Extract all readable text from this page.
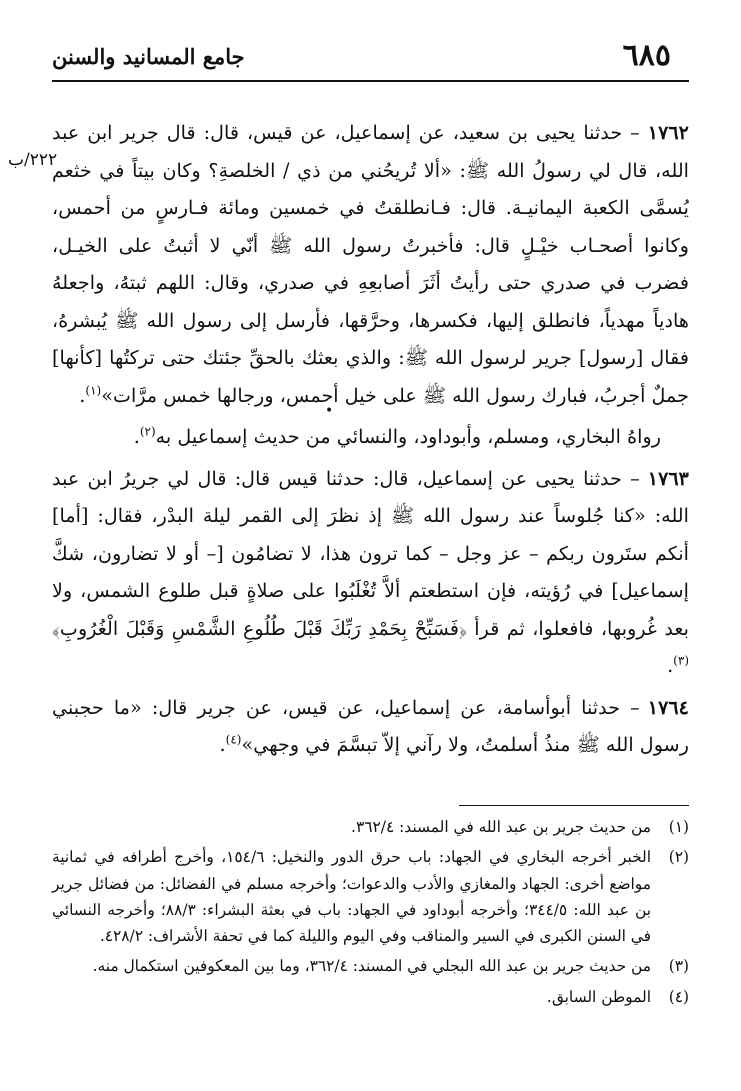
٦٨٥
جامع المسانيد والسنن
٢٢٢/ب

١٧٦٢– حدثنا يحيى بن سعيد، عن إسماعيل، عن قيس، قال: قال جرير ابن عبد الله، قال لي رسولُ الله ﷺ: «ألا تُريحُني من ذي / الخلصةِ؟ وكان بيتاً في خثعم يُسمَّى الكعبة اليمانيـة. قال: فـانطلقتُ في خمسين ومائة فـارسٍ من أحمس، وكانوا أصحـاب خيْـلٍ قال: فأخبرتُ رسول الله ﷺ أنّي لا أثبتُ على الخيـل، فضرب في صدري حتى رأيتُ أثَرَ أصابعِهِ في صدري، وقال: اللهم ثبتهُ، واجعلهُ هادياً مهدياً، فانطلق إليها، فكسرها، وحرَّقها، فأرسل إلى رسول الله ﷺ يُبشرهُ، فقال [رسول] جرير لرسول الله ﷺ: والذي بعثك بالحقِّ جئتك حتى تركتُها [كأنها] جملٌ أجربُ، فبارك رسول الله ﷺ على خيل أحمس، ورجالها خمس مرَّات»$^{(١)}$.

رواهُ البخاري، ومسلم، وأبوداود، والنسائي من حديث إسماعيل به$^{(٢)}$.

١٧٦٣– حدثنا يحيى عن إسماعيل، قال: حدثنا قيس قال: قال لي جريرُ ابن عبد الله: «كنا جُلوساً عند رسول الله ﷺ إذ نظرَ إلى القمر ليلة البدْر، فقال: [أما] أنكم ستَرون ربكم – عز وجل – كما ترون هذا، لا تضامُون [– أو لا تضارون، شكَّ إسماعيل] في رُؤيته، فإن استطعتم ألاَّ تُغْلَبُوا على صلاةٍ قبل طلوع الشمس، ولا بعد غُروبها، فافعلوا، ثم قرأ ﴿فَسَبِّحْ بِحَمْدِ رَبِّكَ قَبْلَ طُلُوعِ الشَّمْسِ وَقَبْلَ الْغُرُوبِ﴾$^{(٣)}$.

١٧٦٤– حدثنا أبوأسامة، عن إسماعيل، عن قيس، عن جرير قال: «ما حجبني رسول الله ﷺ منذُ أسلمتُ، ولا رآني إلاّ تبسَّمَ في وجهي»$^{(٤)}$.

•
(١)
من حديث جرير بن عبد الله في المسند: ٣٦٢/٤.
(٢)
الخبر أخرجه البخاري في الجهاد: باب حرق الدور والنخيل: ١٥٤/٦، وأخرج أطرافه في ثمانية مواضع أخرى: الجهاد والمغازي والأدب والدعوات؛ وأخرجه مسلم في الفضائل: من فضائل جرير بن عبد الله: ٣٤٤/٥؛ وأخرجه أبوداود في الجهاد: باب في بعثة البشراء: ٨٨/٣؛ وأخرجه النسائي في السنن الكبرى في السير والمناقب وفي اليوم والليلة كما في تحفة الأشراف: ٤٢٨/٢.
(٣)
من حديث جرير بن عبد الله البجلي في المسند: ٣٦٢/٤، وما بين المعكوفين استكمال منه.
(٤)
الموطن السابق.
